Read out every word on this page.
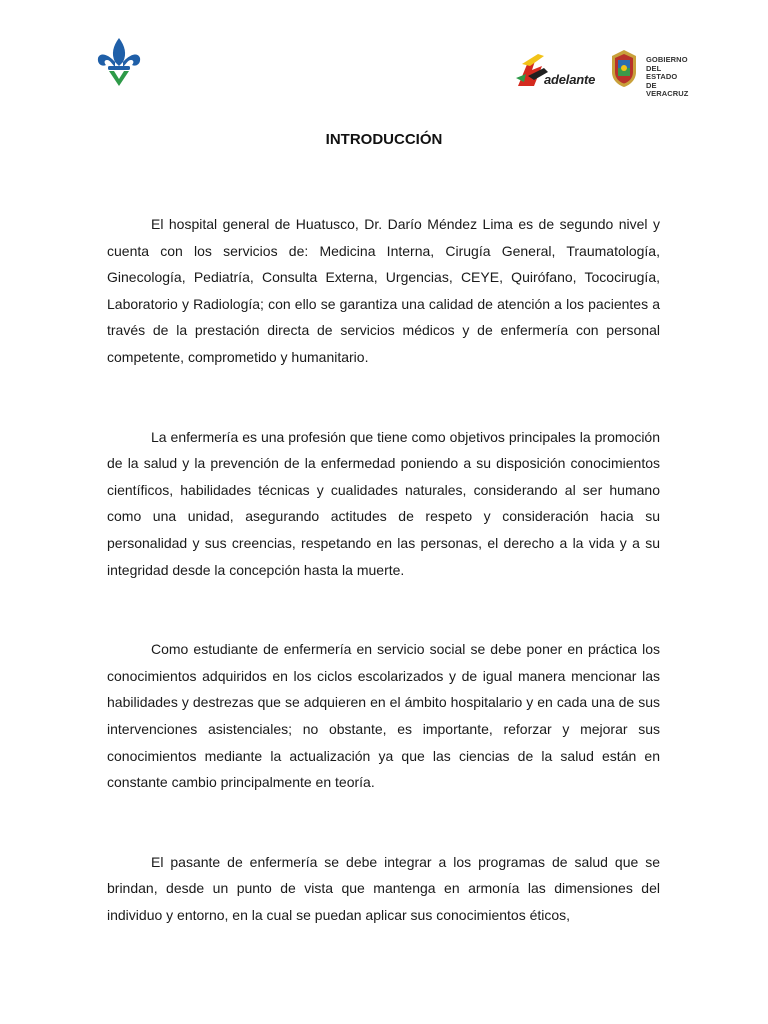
adelante
GOBIERNO
DEL ESTADO
DE VERACRUZ
INTRODUCCIÓN

El hospital general de Huatusco, Dr. Darío Méndez Lima es de segundo nivel y cuenta con los servicios de: Medicina Interna, Cirugía General, Traumatología, Ginecología, Pediatría, Consulta Externa, Urgencias, CEYE, Quirófano, Tococirugía, Laboratorio y Radiología; con ello se garantiza una calidad de atención a los pacientes a través de la prestación directa de servicios médicos y de enfermería con personal competente, comprometido y humanitario.

La enfermería es una profesión que tiene como objetivos principales la promoción de la salud y la prevención de la enfermedad poniendo a su disposición conocimientos científicos, habilidades técnicas y cualidades naturales, considerando al ser humano como una unidad, asegurando actitudes de respeto y consideración hacia su personalidad y sus creencias, respetando en las personas, el derecho a la vida y a su integridad desde la concepción hasta la muerte.

Como estudiante de enfermería en servicio social se debe poner en práctica los conocimientos adquiridos en los ciclos escolarizados y de igual manera mencionar las habilidades y destrezas que se adquieren en el ámbito hospitalario y en cada una de sus intervenciones asistenciales; no obstante, es importante, reforzar y mejorar sus conocimientos mediante la actualización ya que las ciencias de la salud están en constante cambio principalmente en teoría.

El pasante de enfermería se debe integrar a los programas de salud que se brindan, desde un punto de vista que mantenga en armonía las dimensiones del individuo y entorno, en la cual se puedan aplicar sus conocimientos éticos,
